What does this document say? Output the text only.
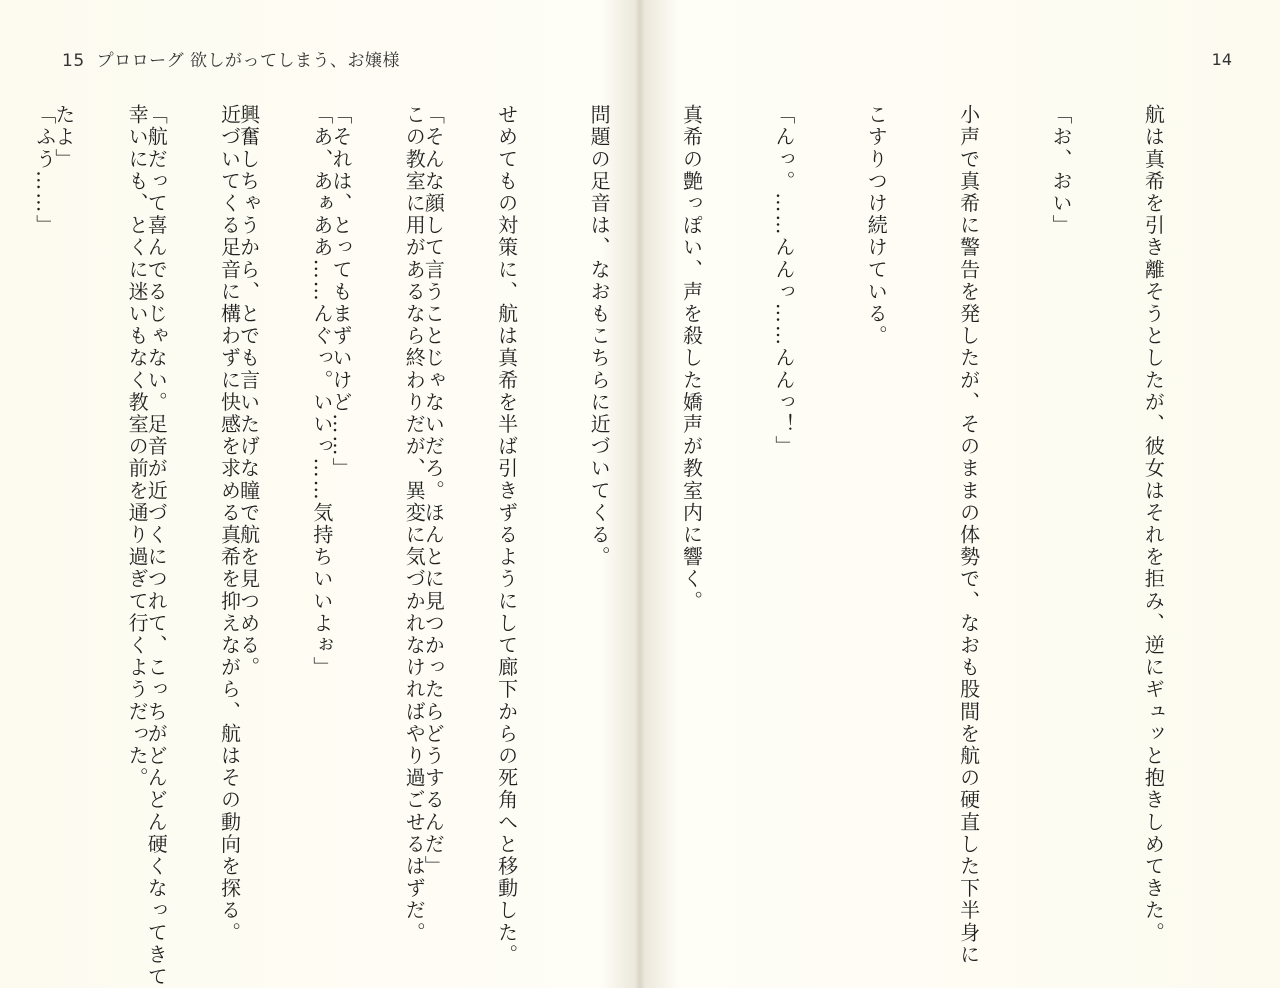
15 プロローグ 欲しがってしまう、お嬢様

「そんな顔して言うことじゃないだろ。ほんとに見つかったらどうするんだ」

「それは、とってもまずいけど……」

興奮しちゃうから、とでも言いたげな瞳で航を見つめる。

「航だって喜んでるじゃない。足音が近づくにつれて、こっちがどんどん硬くなってきて

たよ」

14

航は真希を引き離そうとしたが、彼女はそれを拒み、逆にギュッと抱きしめてきた。

「お、おい」

小声で真希に警告を発したが、そのままの体勢で、なおも股間を航の硬直した下半身に

こすりつけ続けている。

「んっ。……んんっ……んんっ！」

真希の艶っぽい、声を殺した嬌声が教室内に響く。

問題の足音は、なおもこちらに近づいてくる。

せめてもの対策に、航は真希を半ば引きずるようにして廊下からの死角へと移動した。

この教室に用があるなら終わりだが、異変に気づかれなければやり過ごせるはずだ。

「あ、あぁああ……んぐっ。いいっ……気持ちいいよぉ」

近づいてくる足音に構わずに快感を求める真希を抑えながら、航はその動向を探る。

幸いにも、とくに迷いもなく教室の前を通り過ぎて行くようだった。

「ふう……」
